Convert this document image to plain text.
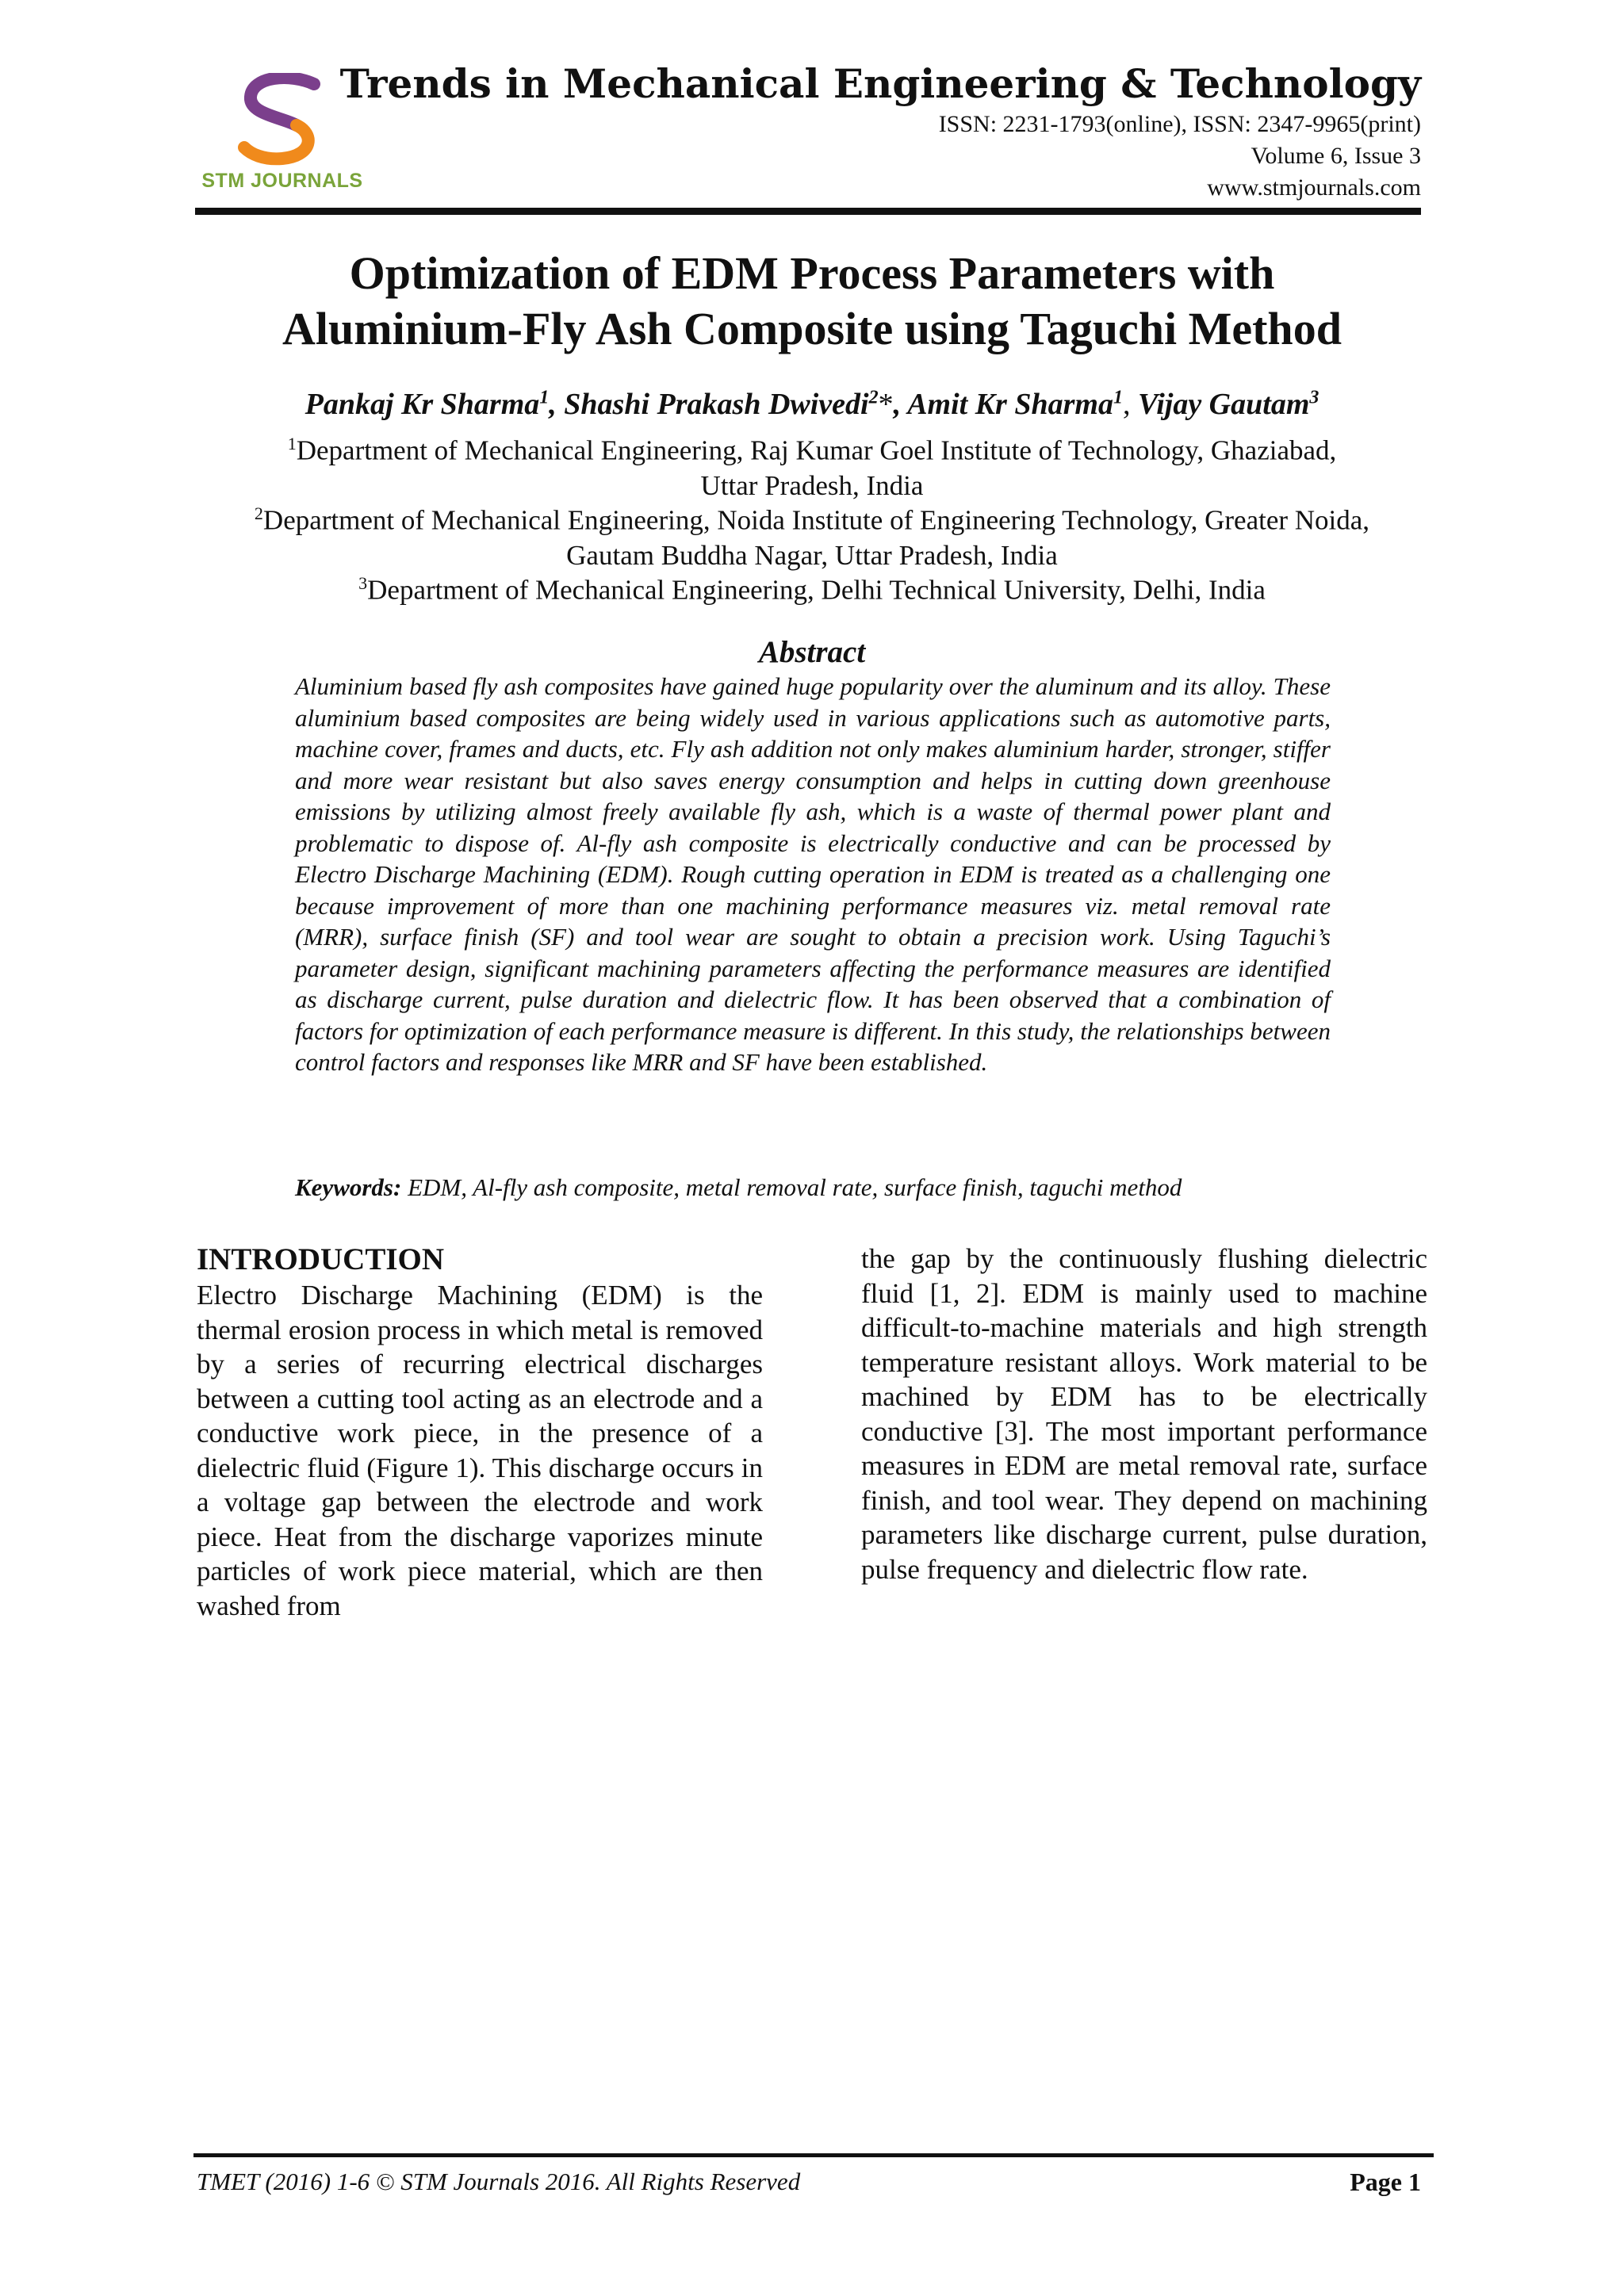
STM JOURNALS
Trends in Mechanical Engineering & Technology
ISSN: 2231-1793(online), ISSN: 2347-9965(print)
Volume 6, Issue 3
www.stmjournals.com
Optimization of EDM Process Parameters with
Aluminium-Fly Ash Composite using Taguchi Method
Pankaj Kr Sharma$^1$, Shashi Prakash Dwivedi$^2$*, Amit Kr Sharma$^1$, Vijay Gautam$^3$
$^1$Department of Mechanical Engineering, Raj Kumar Goel Institute of Technology, Ghaziabad,
Uttar Pradesh, India
$^2$Department of Mechanical Engineering, Noida Institute of Engineering Technology, Greater Noida,
Gautam Buddha Nagar, Uttar Pradesh, India
$^3$Department of Mechanical Engineering, Delhi Technical University, Delhi, India
Abstract
Aluminium based fly ash composites have gained huge popularity over the aluminum and its alloy. These aluminium based composites are being widely used in various applications such as automotive parts, machine cover, frames and ducts, etc. Fly ash addition not only makes aluminium harder, stronger, stiffer and more wear resistant but also saves energy consumption and helps in cutting down greenhouse emissions by utilizing almost freely available fly ash, which is a waste of thermal power plant and problematic to dispose of. Al-fly ash composite is electrically conductive and can be processed by Electro Discharge Machining (EDM). Rough cutting operation in EDM is treated as a challenging one because improvement of more than one machining performance measures viz. metal removal rate (MRR), surface finish (SF) and tool wear are sought to obtain a precision work. Using Taguchi’s parameter design, significant machining parameters affecting the performance measures are identified as discharge current, pulse duration and dielectric flow. It has been observed that a combination of factors for optimization of each performance measure is different. In this study, the relationships between control factors and responses like MRR and SF have been established.
Keywords: EDM, Al-fly ash composite, metal removal rate, surface finish, taguchi method
INTRODUCTION
Electro Discharge Machining (EDM) is the thermal erosion process in which metal is removed by a series of recurring electrical discharges between a cutting tool acting as an electrode and a conductive work piece, in the presence of a dielectric fluid (Figure 1). This discharge occurs in a voltage gap between the electrode and work piece. Heat from the discharge vaporizes minute particles of work piece material, which are then washed from
the gap by the continuously flushing dielectric fluid [1, 2]. EDM is mainly used to machine difficult-to-machine materials and high strength temperature resistant alloys. Work material to be machined by EDM has to be electrically conductive [3]. The most important performance measures in EDM are metal removal rate, surface finish, and tool wear. They depend on machining parameters like discharge current, pulse duration, pulse frequency and dielectric flow rate.
TMET (2016) 1-6 © STM Journals 2016. All Rights Reserved	Page 1
